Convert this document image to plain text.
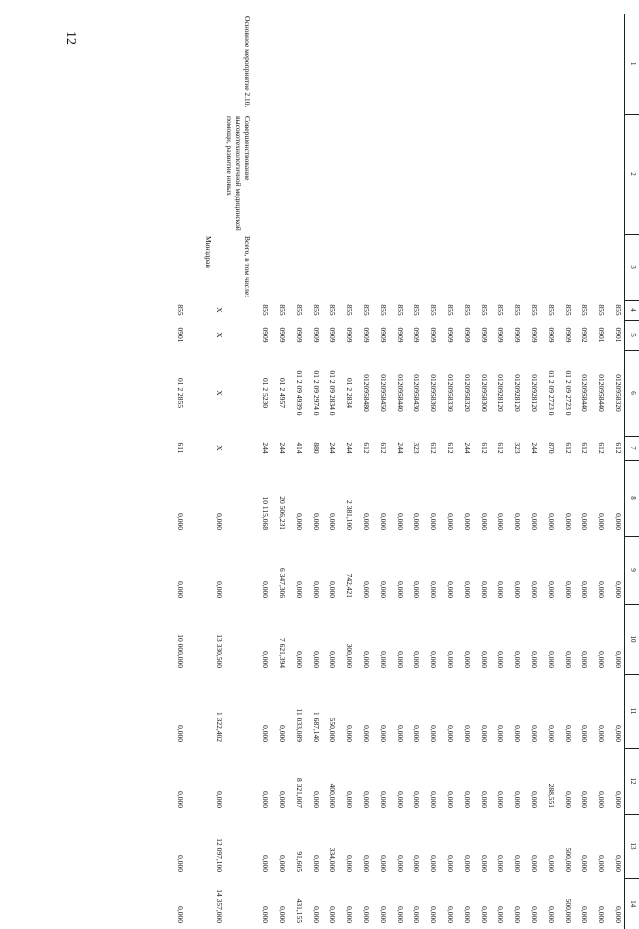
12
1	2	3	4	5	6	7	8	9	10	11	12	13	14
			855	0901	0120958320	612	0,000	0,000	0,000	0,000	0,000	0,000	0,000
			855	0901	0120958440	612	0,000	0,000	0,000	0,000	0,000	0,000	0,000
			855	0902	0120958440	612	0,000	0,000	0,000	0,000	0,000	0,000	0,000
			855	0909	01 2 09 2723 0	612	0,000	0,000	0,000	0,000	0,000	500,000	500,000
			855	0909	01 2 09 2723 0	870	0,000	0,000	0,000	0,000	288,551	0,000	0,000
			855	0909	0120928120	244	0,000	0,000	0,000	0,000	0,000	0,000	0,000
			855	0909	0120928120	323	0,000	0,000	0,000	0,000	0,000	0,000	0,000
			855	0909	0120928120	612	0,000	0,000	0,000	0,000	0,000	0,000	0,000
			855	0909	0120958300	612	0,000	0,000	0,000	0,000	0,000	0,000	0,000
			855	0909	0120958320	244	0,000	0,000	0,000	0,000	0,000	0,000	0,000
			855	0909	0120958330	612	0,000	0,000	0,000	0,000	0,000	0,000	0,000
			855	0909	0120958360	612	0,000	0,000	0,000	0,000	0,000	0,000	0,000
			855	0909	0120958430	323	0,000	0,000	0,000	0,000	0,000	0,000	0,000
			855	0909	0120958440	244	0,000	0,000	0,000	0,000	0,000	0,000	0,000
			855	0909	0120958450	612	0,000	0,000	0,000	0,000	0,000	0,000	0,000
			855	0909	0120958480	612	0,000	0,000	0,000	0,000	0,000	0,000	0,000
			855	0909	01 2 2834	244	2 381,100	742,421	300,000	0,000	0,000	0,000	0,000
			855	0909	01 2 09 2834 0	244	0,000	0,000	0,000	550,000	400,000	334,000	0,000
			855	0909	01 2 09 2974 0	880	0,000	0,000	0,000	1 687,140	0,000	0,000	0,000
			855	0909	01 2 09 4939 0	414	0,000	0,000	0,000	11 033,089	8 321,007	91,605	431,155
			855	0909	01 2 4957	244	20 506,231	6 347,306	7 621,394	0,000	0,000	0,000	0,000
			855	0909	01 2 5230	244	10 115,068	0,000	0,000	0,000	0,000	0,000	0,000
Основное мероприятие 2.10.	Совершенствование высокотехнологичной медицинской помощи, развитие новых	Всего, в том числе:	X	X	X	X	0,000	0,000	13 330,500	1 322,402	0,000	12 097,100	14 357,000
		Минздрав	855	0901	01 2 2855	611	0,000	0,000	10 000,000	0,000	0,000	0,000	0,000
